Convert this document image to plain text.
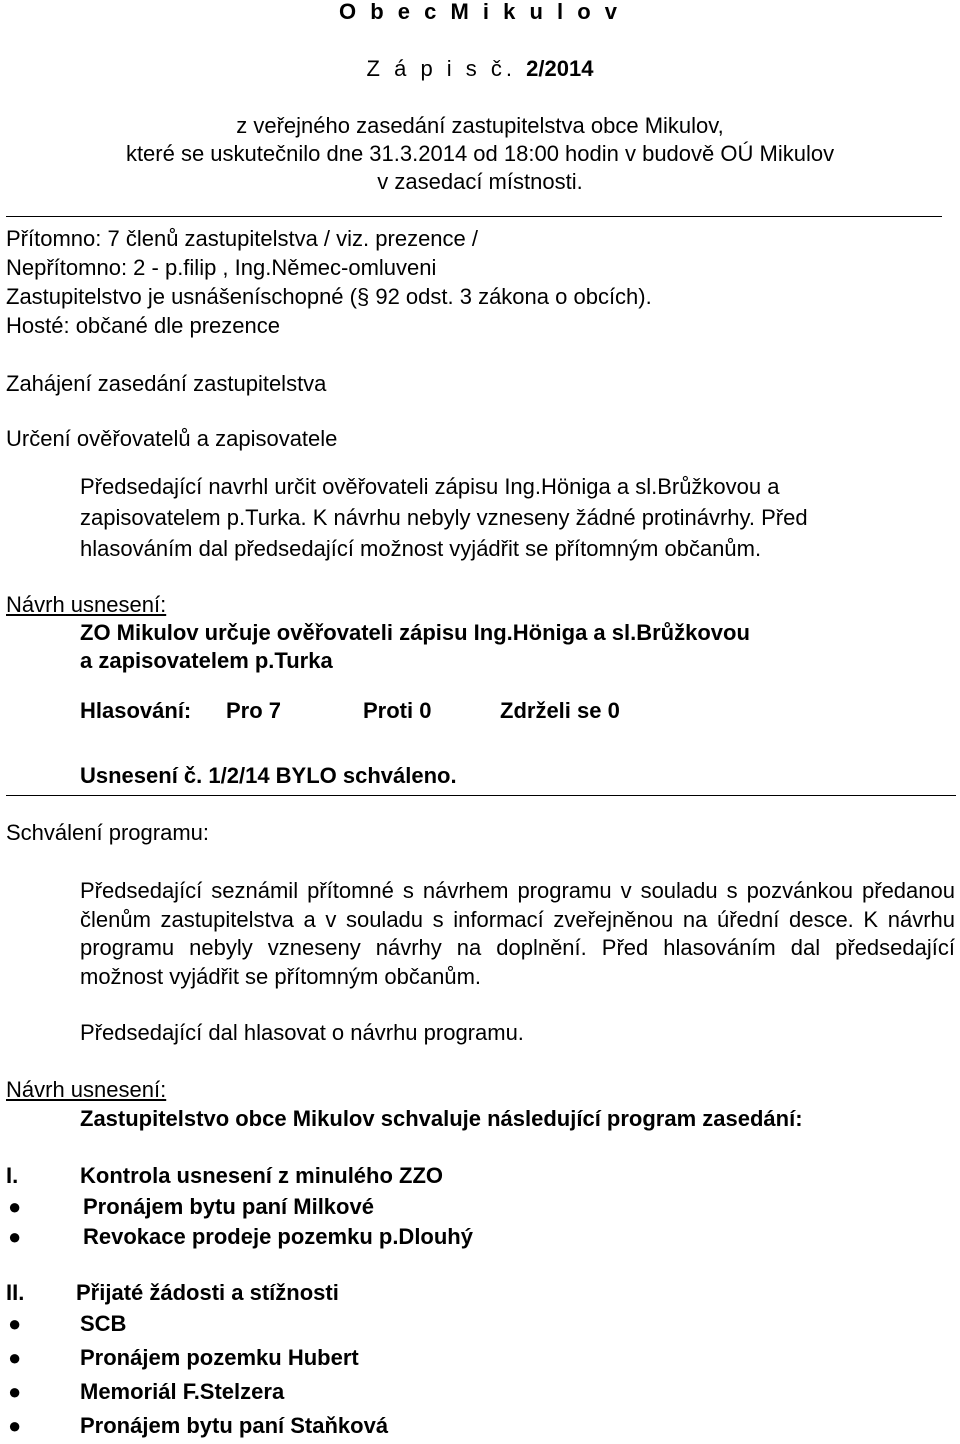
O b e c M i k u l o v
Z á p i s č. 2/2014
z veřejného zasedání zastupitelstva obce Mikulov,
které se uskutečnilo dne 31.3.2014 od 18:00 hodin v budově OÚ Mikulov
v zasedací místnosti.
Přítomno: 7 členů zastupitelstva / viz. prezence /
Nepřítomno: 2 - p.filip , Ing.Němec-omluveni
Zastupitelstvo je usnášeníschopné (§ 92 odst. 3 zákona o obcích).
Hosté: občané dle prezence
Zahájení zasedání zastupitelstva
Určení ověřovatelů a zapisovatele
Předsedající navrhl určit ověřovateli zápisu Ing.Höniga a sl.Brůžkovou a
zapisovatelem p.Turka. K návrhu nebyly vzneseny žádné protinávrhy. Před
hlasováním dal předsedající možnost vyjádřit se přítomným občanům.
Návrh usnesení:
ZO Mikulov určuje ověřovateli zápisu Ing.Höniga a sl.Brůžkovou
a zapisovatelem p.Turka
Hlasování: Pro 7	Proti 0	Zdrželi se 0
Usnesení č. 1/2/14 BYLO schváleno.
Schválení programu:
Předsedající seznámil přítomné s návrhem programu v souladu s pozvánkou předanou členům zastupitelstva a v souladu s informací zveřejněnou na úřední desce. K návrhu programu nebyly vzneseny návrhy na doplnění. Před hlasováním dal předsedající možnost vyjádřit se přítomným občanům.
Předsedající dal hlasovat o návrhu programu.
Návrh usnesení:
Zastupitelstvo obce Mikulov schvaluje následující program zasedání:
I.	Kontrola usnesení z minulého ZZO
●	Pronájem bytu paní Milkové
●	Revokace prodeje pozemku p.Dlouhý
II. Přijaté žádosti a stížnosti
●	SCB
●	Pronájem pozemku Hubert
●	Memoriál F.Stelzera
●	Pronájem bytu paní Staňková
